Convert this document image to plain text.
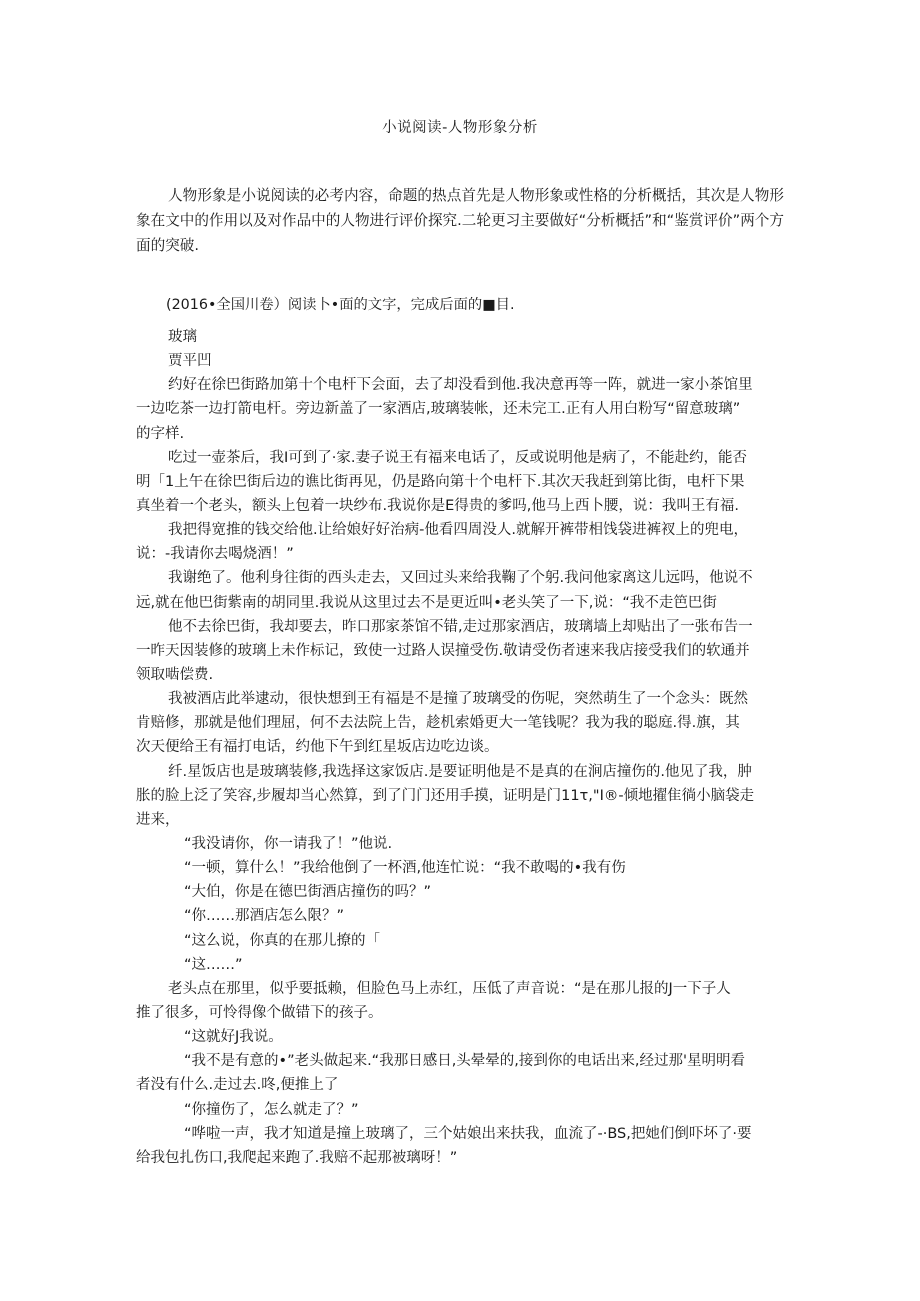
小说阅读-人物形象分析
人物形象是小说阅读的必考内容，命题的热点首先是人物形象或性格的分析概括，其次是人物形象在文中的作用以及对作品中的人物进行评价探究.二轮更习主要做好“分析概括”和“鉴赏评价”两个方面的突破.
(2016•全国川卷）阅读卜•面的文字，完成后面的■目.
玻璃
贾平凹
约好在徐巴街路加第十个电杆下会面，去了却没看到他.我决意再等一阵，就进一家小茶馆里
一边吃茶一边打箭电杆。旁边新盖了一家酒店,玻璃装帐，还未完工.正有人用白粉写“留意玻璃”
的字样.
吃过一壶茶后，我I可到了·家.妻子说王有福来电话了，反或说明他是病了，不能赴约，能否
明「1上午在徐巴街后边的谯比街再见，仍是路向第十个电杆下.其次天我赶到第比街，电杆下果
真坐着一个老头，额头上包着一块纱布.我说你是E得贵的爹吗,他马上西卜腰，说：我叫王有福.
我把得宽推的钱交给他.让给娘好好治病-他看四周没人.就解开裤带相饯袋进裤衩上的兜电，
说：-我请你去喝烧酒！”
我谢绝了。他利身往街的西头走去，又回过头来给我鞠了个躬.我问他家离这儿远吗，他说不
远,就在他巴街紫南的胡同里.我说从这里过去不是更近叫•老头笑了一下,说：“我不走笆巴街
他不去徐巴街，我却要去，昨口那家茶馆不错,走过那家酒店，玻璃墙上却贴出了一张布告一
一昨天因装修的玻璃上未作标记，致使一过路人误撞受伤.敬请受伤者速来我店接受我们的软通并
领取啮偿费.
我被酒店此举逮动，很快想到王有福是不是撞了玻璃受的伤呢，突然萌生了一个念头：既然
肯赔修，那就是他们理屈，何不去法院上告，趁机索婚更大一笔钱呢？我为我的聪庭.得.旗，其
次天便给王有福打电话，约他下午到红星坂店边吃边谈。
纤.星饭店也是玻璃装修,我选择这家饭店.是要证明他是不是真的在涧店撞伤的.他见了我，肿
胀的脸上泛了笑容,步履却当心然算，到了门门还用手摸，证明是门11τ,"I®-倾地擢隹徜小脑袋走
进来，
“我没请你，你一请我了！”他说.
“一顿，算什么！”我给他倒了一杯酒,他连忙说：“我不敢喝的•我有伤
“大伯，你是在德巴街酒店撞伤的吗？”
“你……那酒店怎么限？”
“这么说，你真的在那儿撩的「
“这……”
老头点在那里，似乎要抵赖，但脸色马上赤红，压低了声音说：“是在那儿报的J一下子人
推了很多，可怜得像个做错下的孩子。
“这就好J我说。
“我不是有意的•”老头做起来.“我那日感日,头晕晕的,接到你的电话出来,经过那'星明明看
者没有什么.走过去.咚,便推上了
“你撞伤了，怎么就走了？”
“哗啦一声，我才知道是撞上玻璃了，三个姑娘出来扶我，血流了-·BS,把她们倒吓坏了·要
给我包扎伤口,我爬起来跑了.我赔不起那被璃呀！”
